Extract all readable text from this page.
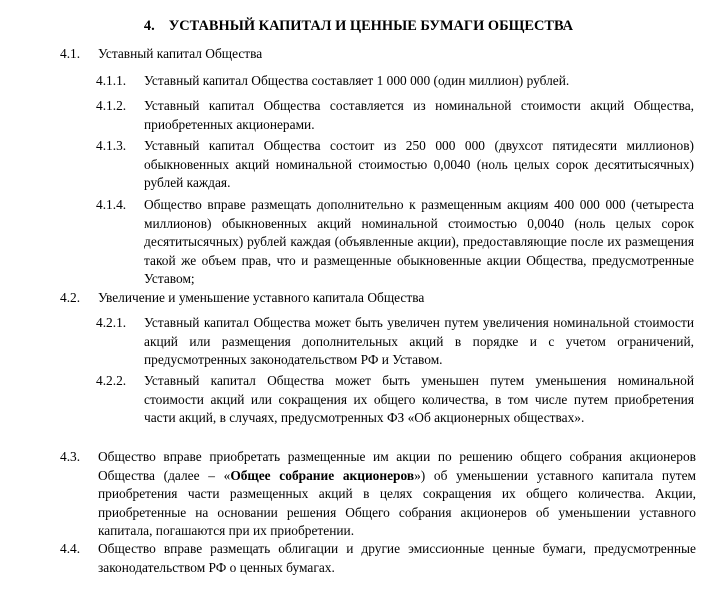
4. УСТАВНЫЙ КАПИТАЛ И ЦЕННЫЕ БУМАГИ ОБЩЕСТВА
4.1.	Уставный капитал Общества
4.1.1.	Уставный капитал Общества составляет 1 000 000 (один миллион) рублей.
4.1.2.	Уставный капитал Общества составляется из номинальной стоимости акций Общества, приобретенных акционерами.
4.1.3.	Уставный капитал Общества состоит из 250 000 000 (двухсот пятидесяти миллионов) обыкновенных акций номинальной стоимостью 0,0040 (ноль целых сорок десятитысячных) рублей каждая.
4.1.4.	Общество вправе размещать дополнительно к размещенным акциям 400 000 000 (четыреста миллионов) обыкновенных акций номинальной стоимостью 0,0040 (ноль целых сорок десятитысячных) рублей каждая (объявленные акции), предоставляющие после их размещения такой же объем прав, что и размещенные обыкновенные акции Общества, предусмотренные Уставом;
4.2.	Увеличение и уменьшение уставного капитала Общества
4.2.1.	Уставный капитал Общества может быть увеличен путем увеличения номинальной стоимости акций или размещения дополнительных акций в порядке и с учетом ограничений, предусмотренных законодательством РФ и Уставом.
4.2.2.	Уставный капитал Общества может быть уменьшен путем уменьшения номинальной стоимости акций или сокращения их общего количества, в том числе путем приобретения части акций, в случаях, предусмотренных ФЗ «Об акционерных обществах».
4.3.	Общество вправе приобретать размещенные им акции по решению общего собрания акционеров Общества (далее – «Общее собрание акционеров») об уменьшении уставного капитала путем приобретения части размещенных акций в целях сокращения их общего количества. Акции, приобретенные на основании решения Общего собрания акционеров об уменьшении уставного капитала, погашаются при их приобретении.
4.4.	Общество вправе размещать облигации и другие эмиссионные ценные бумаги, предусмотренные законодательством РФ о ценных бумагах.
